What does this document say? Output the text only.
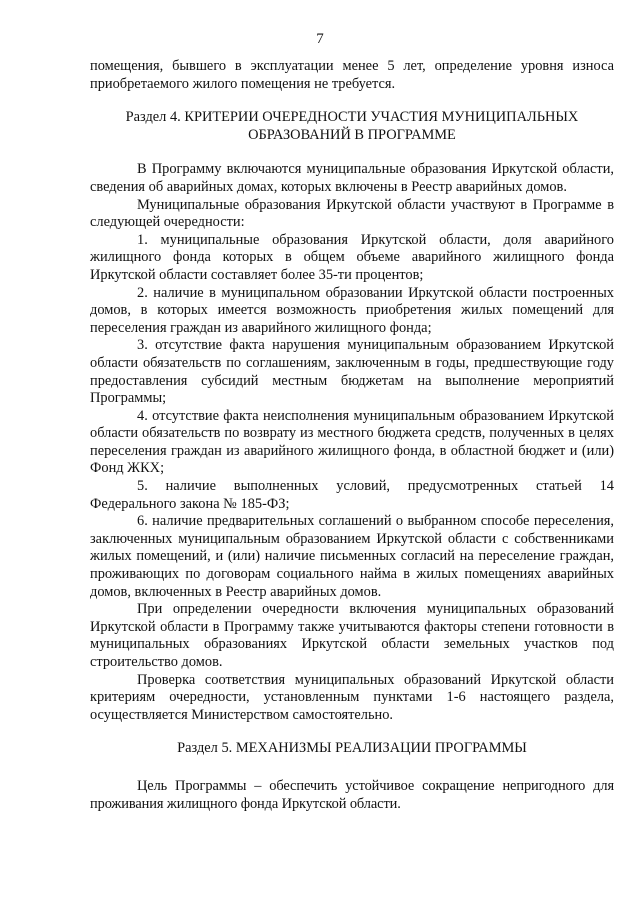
7

помещения, бывшего в эксплуатации менее 5 лет, определение уровня износа приобретаемого жилого помещения не требуется.

Раздел 4. КРИТЕРИИ ОЧЕРЕДНОСТИ УЧАСТИЯ МУНИЦИПАЛЬНЫХ ОБРАЗОВАНИЙ В ПРОГРАММЕ

В Программу включаются муниципальные образования Иркутской области, сведения об аварийных домах, которых включены в Реестр аварийных домов.

Муниципальные образования Иркутской области участвуют в Программе в следующей очередности:

1. муниципальные образования Иркутской области, доля аварийного жилищного фонда которых в общем объеме аварийного жилищного фонда Иркутской области составляет более 35-ти процентов;

2. наличие в муниципальном образовании Иркутской области построенных домов, в которых имеется возможность приобретения жилых помещений для переселения граждан из аварийного жилищного фонда;

3. отсутствие факта нарушения муниципальным образованием Иркутской области обязательств по соглашениям, заключенным в годы, предшествующие году предоставления субсидий местным бюджетам на выполнение мероприятий Программы;

4. отсутствие факта неисполнения муниципальным образованием Иркутской области обязательств по возврату из местного бюджета средств, полученных в целях переселения граждан из аварийного жилищного фонда, в областной бюджет и (или) Фонд ЖКХ;

5. наличие выполненных условий, предусмотренных статьей 14 Федерального закона № 185-ФЗ;

6. наличие предварительных соглашений о выбранном способе переселения, заключенных муниципальным образованием Иркутской области с собственниками жилых помещений, и (или) наличие письменных согласий на переселение граждан, проживающих по договорам социального найма в жилых помещениях аварийных домов, включенных в Реестр аварийных домов.

При определении очередности включения муниципальных образований Иркутской области в Программу также учитываются факторы степени готовности в муниципальных образованиях Иркутской области земельных участков под строительство домов.

Проверка соответствия муниципальных образований Иркутской области критериям очередности, установленным пунктами 1-6 настоящего раздела, осуществляется Министерством самостоятельно.

Раздел 5. МЕХАНИЗМЫ РЕАЛИЗАЦИИ ПРОГРАММЫ

Цель Программы – обеспечить устойчивое сокращение непригодного для проживания жилищного фонда Иркутской области.
